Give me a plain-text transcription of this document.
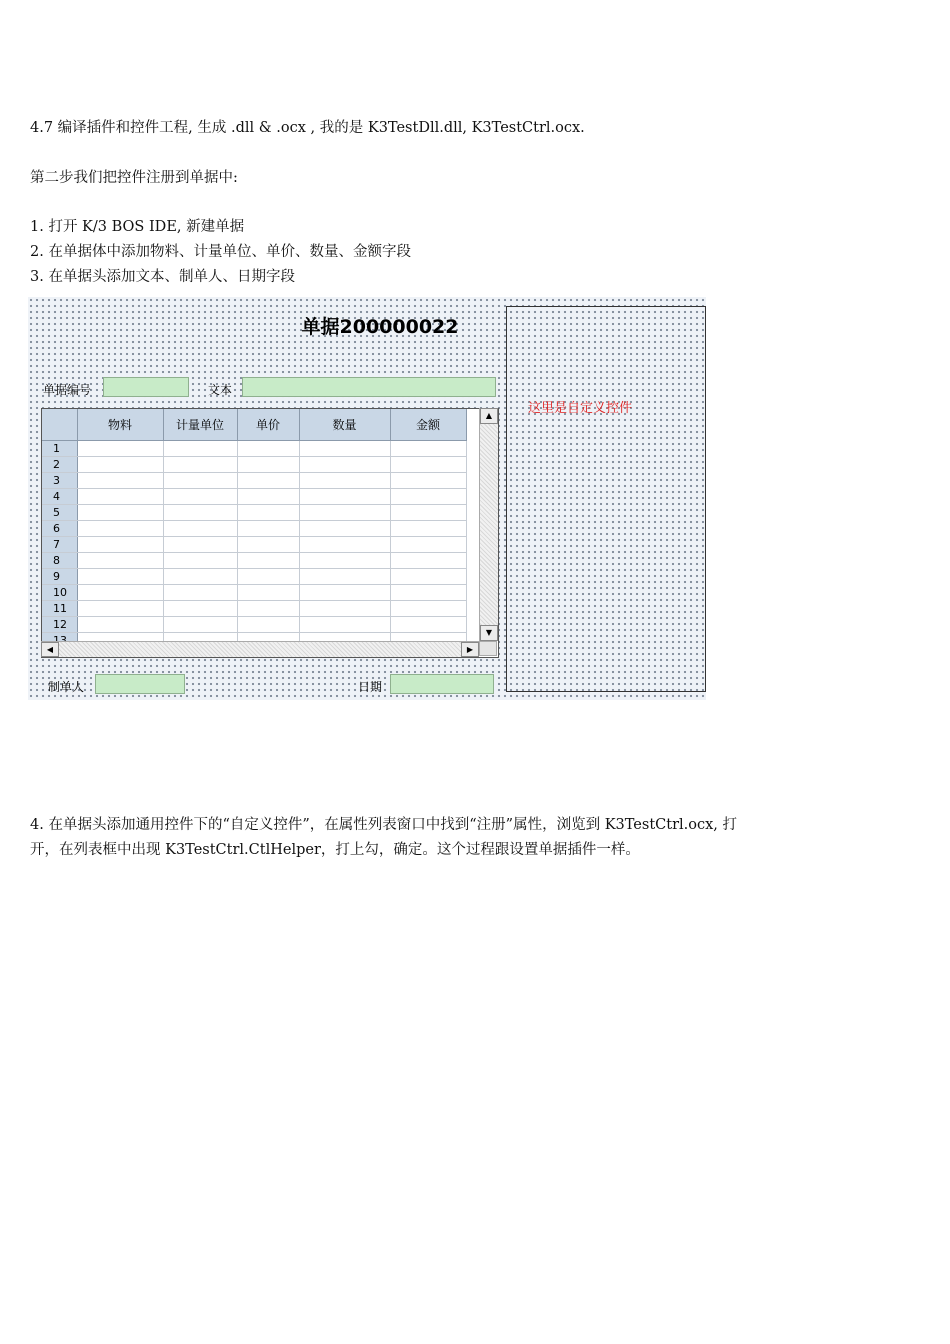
4.7 编译插件和控件工程, 生成 .dll & .ocx , 我的是 K3TestDll.dll, K3TestCtrl.ocx.

第二步我们把控件注册到单据中:

1. 打开 K/3 BOS IDE, 新建单据

2. 在单据体中添加物料、计量单位、单价、数量、金额字段

3. 在单据头添加文本、制单人、日期字段

单据200000022
单据编号	文本
	物料	计量单位	单价	数量	金额
1					
2					
3					
4					
5					
6					
7					
8					
9					
10					
11					
12					

▲
▼
◀	▶
制单人	日期
这里是自定义控件

4. 在单据头添加通用控件下的“自定义控件”，在属性列表窗口中找到“注册”属性，浏览到 K3TestCtrl.ocx, 打

开，在列表框中出现 K3TestCtrl.CtlHelper，打上勾，确定。这个过程跟设置单据插件一样。
